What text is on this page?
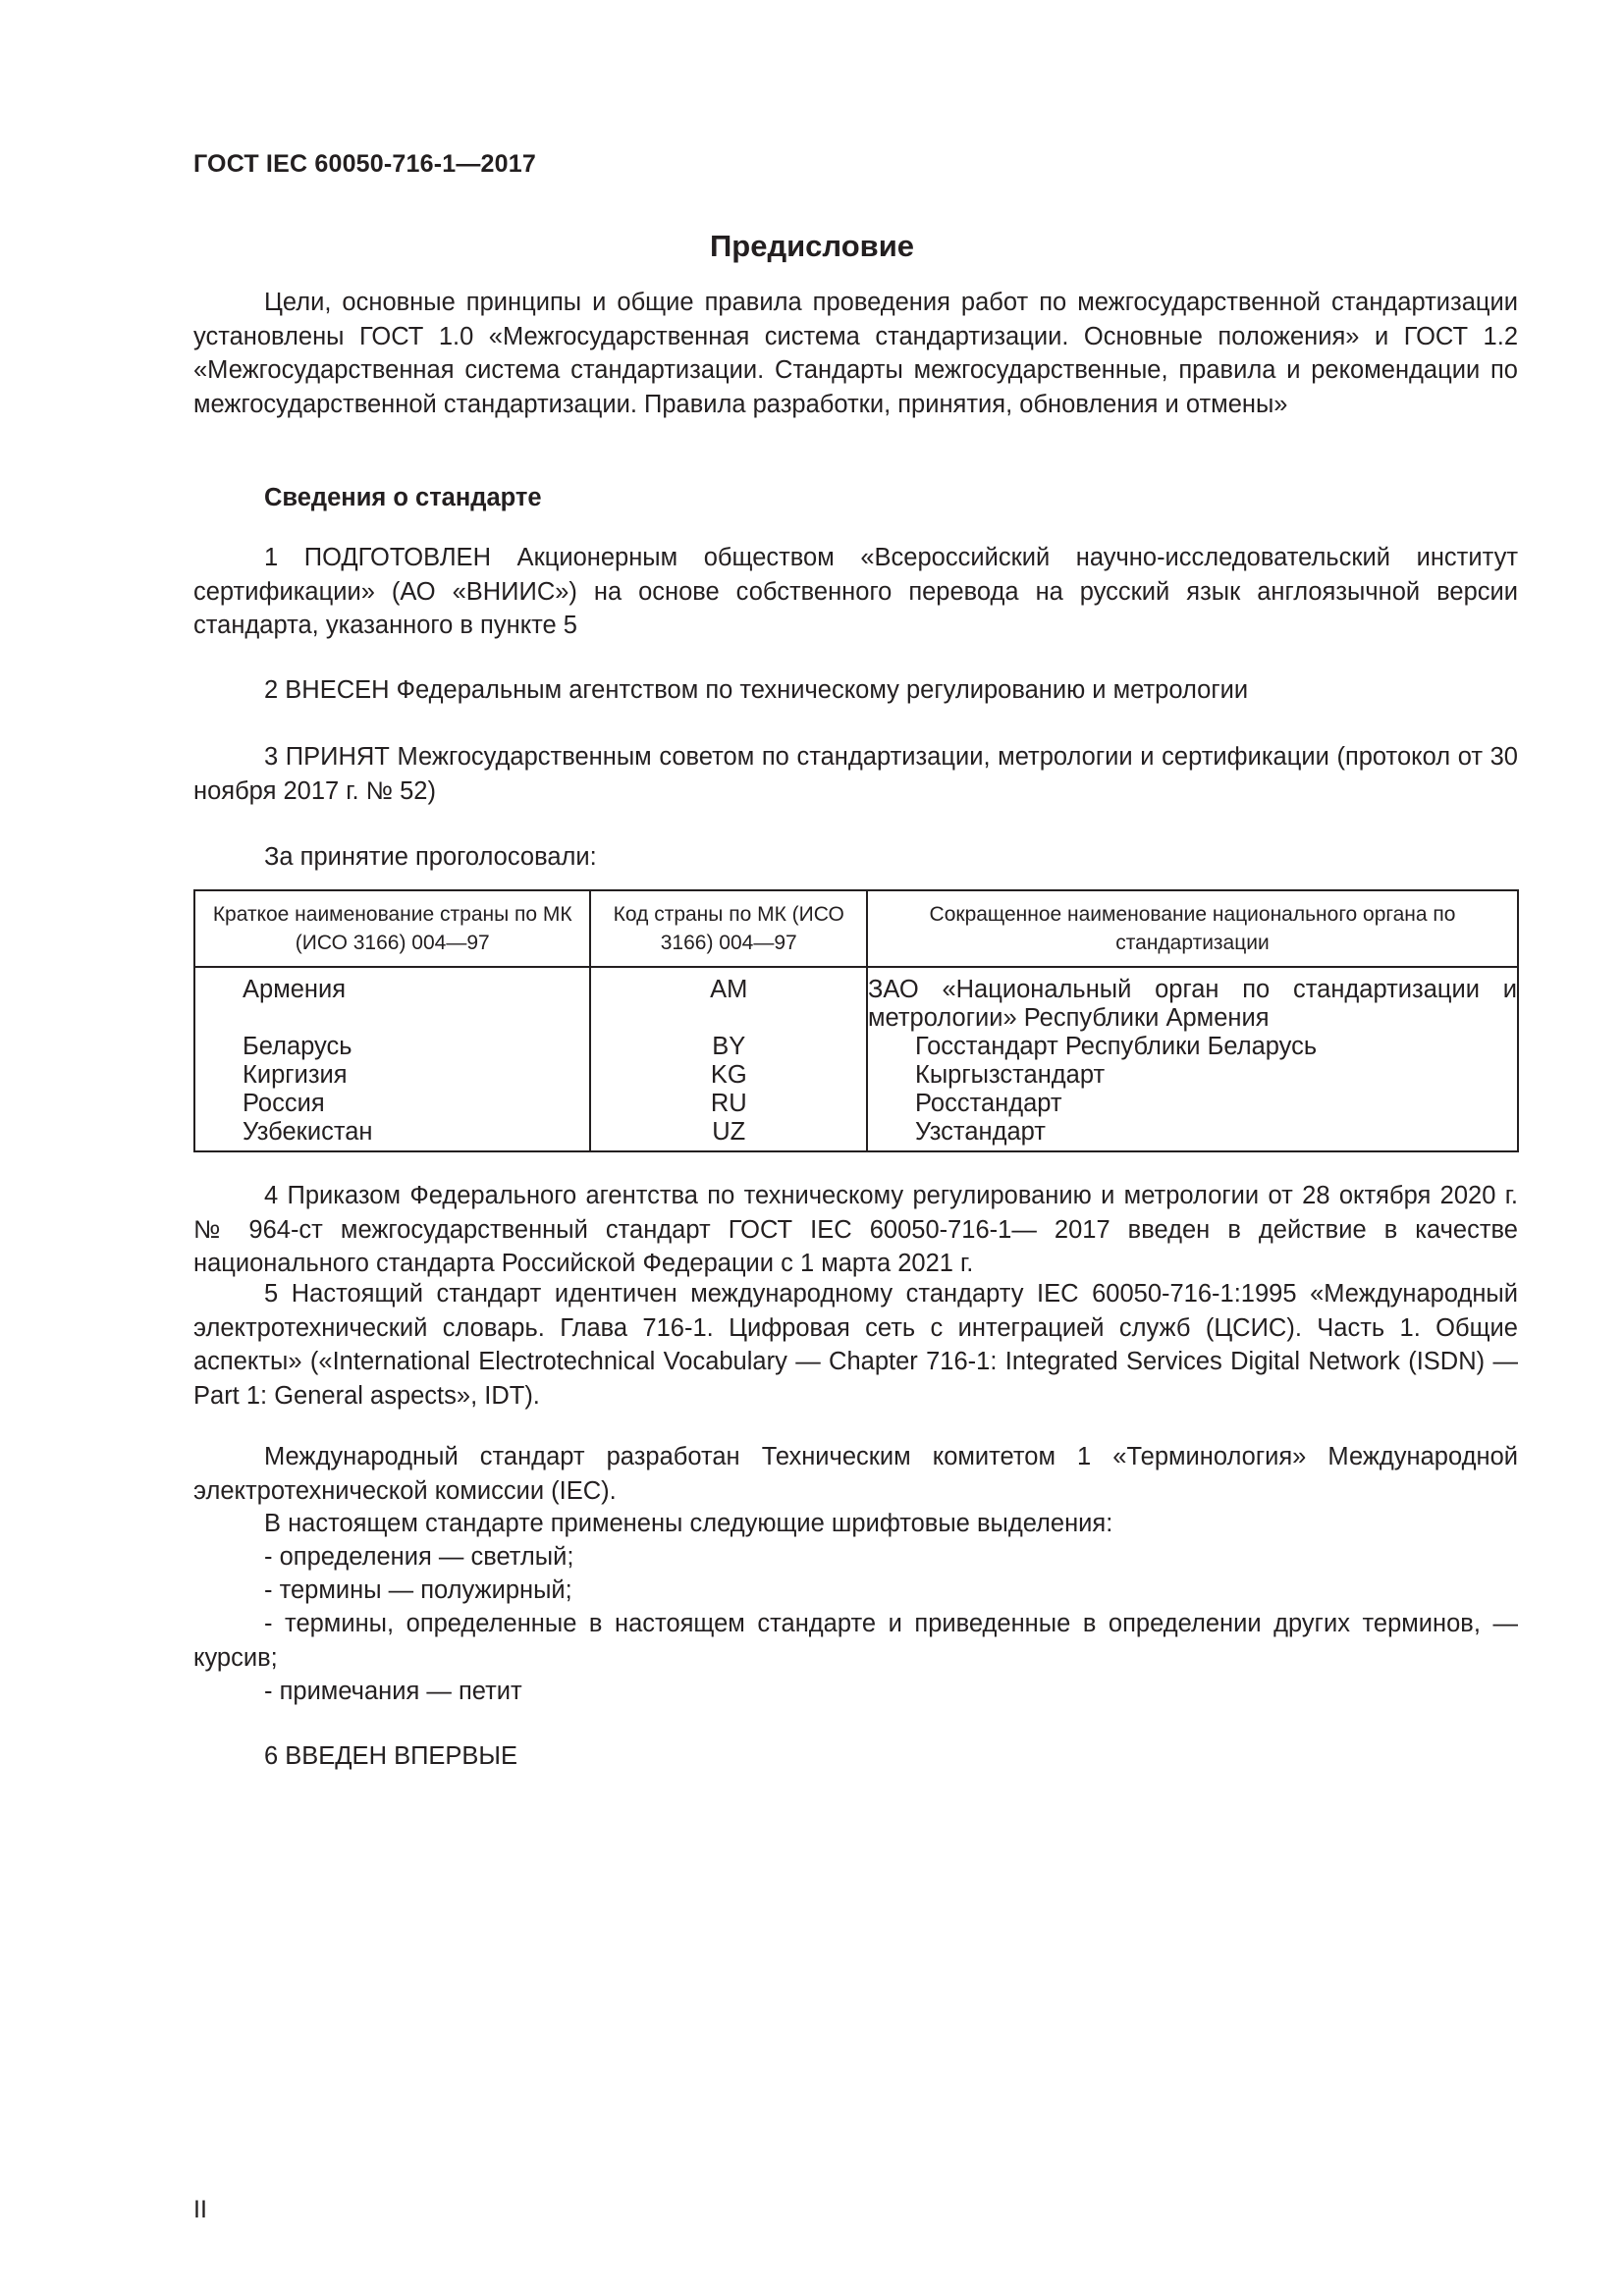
ГОСТ IEC 60050-716-1—2017
Предисловие
Цели, основные принципы и общие правила проведения работ по межгосударственной стандартизации установлены ГОСТ 1.0 «Межгосударственная система стандартизации. Основные положения» и ГОСТ 1.2 «Межгосударственная система стандартизации. Стандарты межгосударственные, правила и рекомендации по межгосударственной стандартизации. Правила разработки, принятия, обновления и отмены»
Сведения о стандарте
1 ПОДГОТОВЛЕН Акционерным обществом «Всероссийский научно-исследовательский институт сертификации» (АО «ВНИИС») на основе собственного перевода на русский язык англоязычной версии стандарта, указанного в пункте 5
2 ВНЕСЕН Федеральным агентством по техническому регулированию и метрологии
3 ПРИНЯТ Межгосударственным советом по стандартизации, метрологии и сертификации (протокол от 30 ноября 2017 г. № 52)
За принятие проголосовали:
Краткое наименование страны по МК (ИСО 3166) 004—97	Код страны по МК (ИСО 3166) 004—97	Сокращенное наименование национального органа по стандартизации
Армения	AM	ЗАО «Национальный орган по стандартизации и метрологии» Республики Армения

Беларусь	BY	Госстандарт Республики Беларусь
Киргизия	KG	Кыргызстандарт
Россия	RU	Росстандарт
Узбекистан	UZ	Узстандарт
4 Приказом Федерального агентства по техническому регулированию и метрологии от 28 октября 2020 г. № 964-ст межгосударственный стандарт ГОСТ IEC 60050-716-1— 2017 введен в действие в качестве национального стандарта Российской Федерации с 1 марта 2021 г.
5 Настоящий стандарт идентичен международному стандарту IEC 60050-716-1:1995 «Международный электротехнический словарь. Глава 716-1. Цифровая сеть с интеграцией служб (ЦСИС). Часть 1. Общие аспекты» («International Electrotechnical Vocabulary — Chapter 716-1: Integrated Services Digital Network (ISDN) — Part 1: General aspects», IDT).
Международный стандарт разработан Техническим комитетом 1 «Терминология» Международной электротехнической комиссии (IEC).
В настоящем стандарте применены следующие шрифтовые выделения:
- определения — светлый;
- термины — полужирный;
- термины, определенные в настоящем стандарте и приведенные в определении других терминов, — курсив;
- примечания — петит
6 ВВЕДЕН ВПЕРВЫЕ
II
